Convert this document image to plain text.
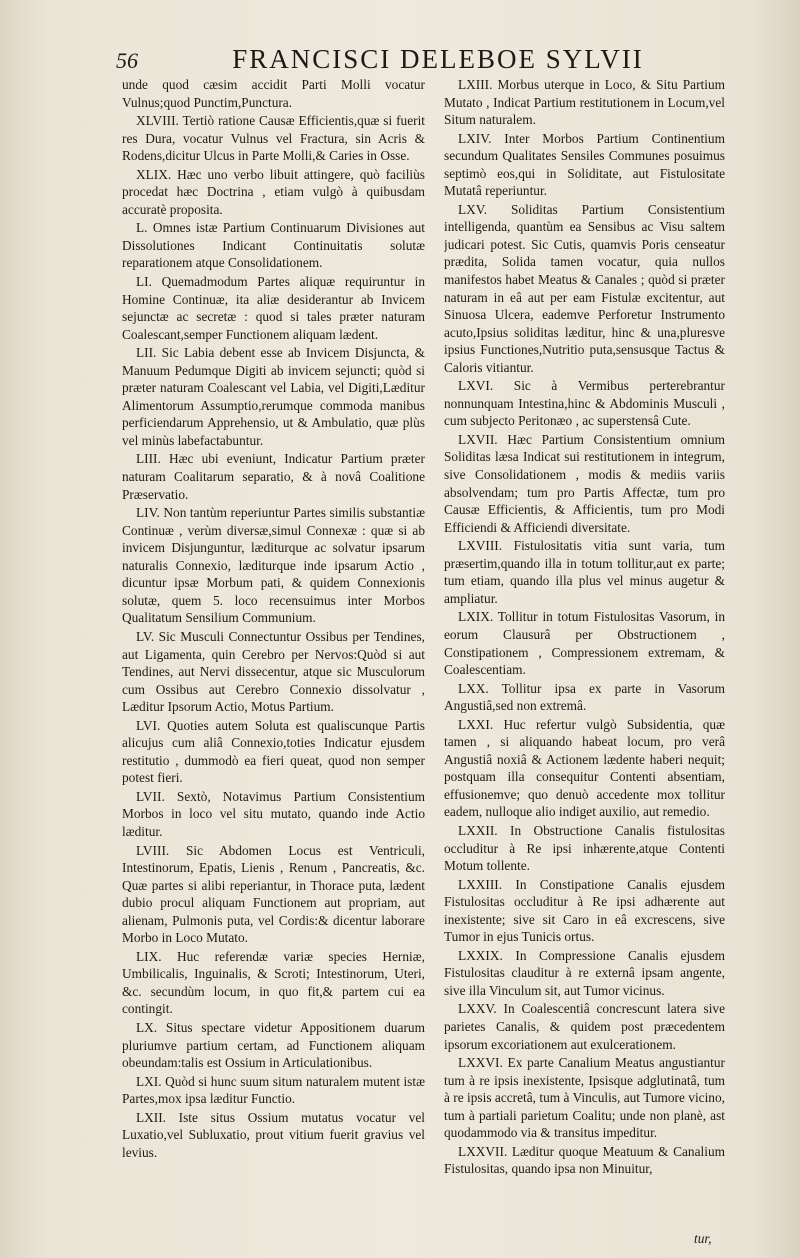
56	FRANCISCI DELEBOE SYLVII

unde quod cæsim accidit Parti Molli vocatur Vulnus;quod Punctim,Punctura.

XLVIII. Tertiò ratione Causæ Efficientis,quæ si fuerit res Dura, vocatur Vulnus vel Fractura, sin Acris & Rodens,dicitur Ulcus in Parte Molli,& Caries in Osse.

XLIX. Hæc uno verbo libuit attingere, quò faciliùs procedat hæc Doctrina , etiam vulgò à quibusdam accuratè proposita.

L. Omnes istæ Partium Continuarum Divisiones aut Dissolutiones Indicant Continuitatis solutæ reparationem atque Consolidationem.

LI. Quemadmodum Partes aliquæ requiruntur in Homine Continuæ, ita aliæ desiderantur ab Invicem sejunctæ ac secretæ : quod si tales præter naturam Coalescant,semper Functionem aliquam lædent.

LII. Sic Labia debent esse ab Invicem Disjuncta, & Manuum Pedumque Digiti ab invicem sejuncti; quòd si præter naturam Coalescant vel Labia, vel Digiti,Læditur Alimentorum Assumptio,rerumque commoda manibus perficiendarum Apprehensio, ut & Ambulatio, quæ plùs vel minùs labefactabuntur.

LIII. Hæc ubi eveniunt, Indicatur Partium præter naturam Coalitarum separatio, & à novâ Coalitione Præservatio.

LIV. Non tantùm reperiuntur Partes similis substantiæ Continuæ , verùm diversæ,simul Connexæ : quæ si ab invicem Disjunguntur, læditurque ac solvatur ipsarum naturalis Connexio, læditurque inde ipsarum Actio , dicuntur ipsæ Morbum pati, & quidem Connexionis solutæ, quem 5. loco recensuimus inter Morbos Qualitatum Sensilium Communium.

LV. Sic Musculi Connectuntur Ossibus per Tendines, aut Ligamenta, quin Cerebro per Nervos:Quòd si aut Tendines, aut Nervi dissecentur, atque sic Musculorum cum Ossibus aut Cerebro Connexio dissolvatur , Læditur Ipsorum Actio, Motus Partium.

LVI. Quoties autem Soluta est qualiscunque Partis alicujus cum aliâ Connexio,toties Indicatur ejusdem restitutio , dummodò ea fieri queat, quod non semper potest fieri.

LVII. Sextò, Notavimus Partium Consistentium Morbos in loco vel situ mutato, quando inde Actio læditur.

LVIII. Sic Abdomen Locus est Ventriculi, Intestinorum, Epatis, Lienis , Renum , Pancreatis, &c. Quæ partes si alibi reperiantur, in Thorace puta, lædent dubio procul aliquam Functionem aut propriam, aut alienam, Pulmonis puta, vel Cordis:& dicentur laborare Morbo in Loco Mutato.

LIX. Huc referendæ variæ species Herniæ, Umbilicalis, Inguinalis, & Scroti; Intestinorum, Uteri, &c. secundùm locum, in quo fit,& partem cui ea contingit.

LX. Situs spectare videtur Appositionem duarum pluriumve partium certam, ad Functionem aliquam obeundam:talis est Ossium in Articulationibus.

LXI. Quòd si hunc suum situm naturalem mutent istæ Partes,mox ipsa læditur Functio.

LXII. Iste situs Ossium mutatus vocatur vel Luxatio,vel Subluxatio, prout vitium fuerit gravius vel levius.

LXIII. Morbus uterque in Loco, & Situ Partium Mutato , Indicat Partium restitutionem in Locum,vel Situm naturalem.

LXIV. Inter Morbos Partium Continentium secundum Qualitates Sensiles Communes posuimus septimò eos,qui in Soliditate, aut Fistulositate Mutatâ reperiuntur.

LXV. Soliditas Partium Consistentium intelligenda, quantùm ea Sensibus ac Visu saltem judicari potest. Sic Cutis, quamvis Poris censeatur prædita, Solida tamen vocatur, quia nullos manifestos habet Meatus & Canales ; quòd si præter naturam in eâ aut per eam Fistulæ excitentur, aut Sinuosa Ulcera, eademve Perforetur Instrumento acuto,Ipsius soliditas læditur, hinc & una,pluresve ipsius Functiones,Nutritio puta,sensusque Tactus & Caloris vitiantur.

LXVI. Sic à Vermibus perterebrantur nonnunquam Intestina,hinc & Abdominis Musculi , cum subjecto Peritonæo , ac superstensâ Cute.

LXVII. Hæc Partium Consistentium omnium Soliditas læsa Indicat sui restitutionem in integrum, sive Consolidationem , modis & mediis variis absolvendam; tum pro Partis Affectæ, tum pro Causæ Efficientis, & Afficientis, tum pro Modi Efficiendi & Afficiendi diversitate.

LXVIII. Fistulositatis vitia sunt varia, tum præsertim,quando illa in totum tollitur,aut ex parte; tum etiam, quando illa plus vel minus augetur & ampliatur.

LXIX. Tollitur in totum Fistulositas Vasorum, in eorum Clausurâ per Obstructionem , Constipationem , Compressionem extremam, & Coalescentiam.

LXX. Tollitur ipsa ex parte in Vasorum Angustiâ,sed non extremâ.

LXXI. Huc refertur vulgò Subsidentia, quæ tamen , si aliquando habeat locum, pro verâ Angustiâ noxiâ & Actionem lædente haberi nequit; postquam illa consequitur Contenti absentiam, effusionemve; quo denuò accedente mox tollitur eadem, nulloque alio indiget auxilio, aut remedio.

LXXII. In Obstructione Canalis fistulositas occluditur à Re ipsi inhærente,atque Contenti Motum tollente.

LXXIII. In Constipatione Canalis ejusdem Fistulositas occluditur à Re ipsi adhærente aut inexistente; sive sit Caro in eâ excrescens, sive Tumor in ejus Tunicis ortus.

LXXIX. In Compressione Canalis ejusdem Fistulositas clauditur à re externâ ipsam angente, sive illa Vinculum sit, aut Tumor vicinus.

LXXV. In Coalescentiâ concrescunt latera sive parietes Canalis, & quidem post præcedentem ipsorum excoriationem aut exulcerationem.

LXXVI. Ex parte Canalium Meatus angustiantur tum à re ipsis inexistente, Ipsisque adglutinatâ, tum à re ipsis accretâ, tum à Vinculis, aut Tumore vicino, tum à partiali parietum Coalitu; unde non planè, ast quodammodo via & transitus impeditur.

LXXVII. Læditur quoque Meatuum & Canalium Fistulositas, quando ipsa non Minuitur,

tur,
